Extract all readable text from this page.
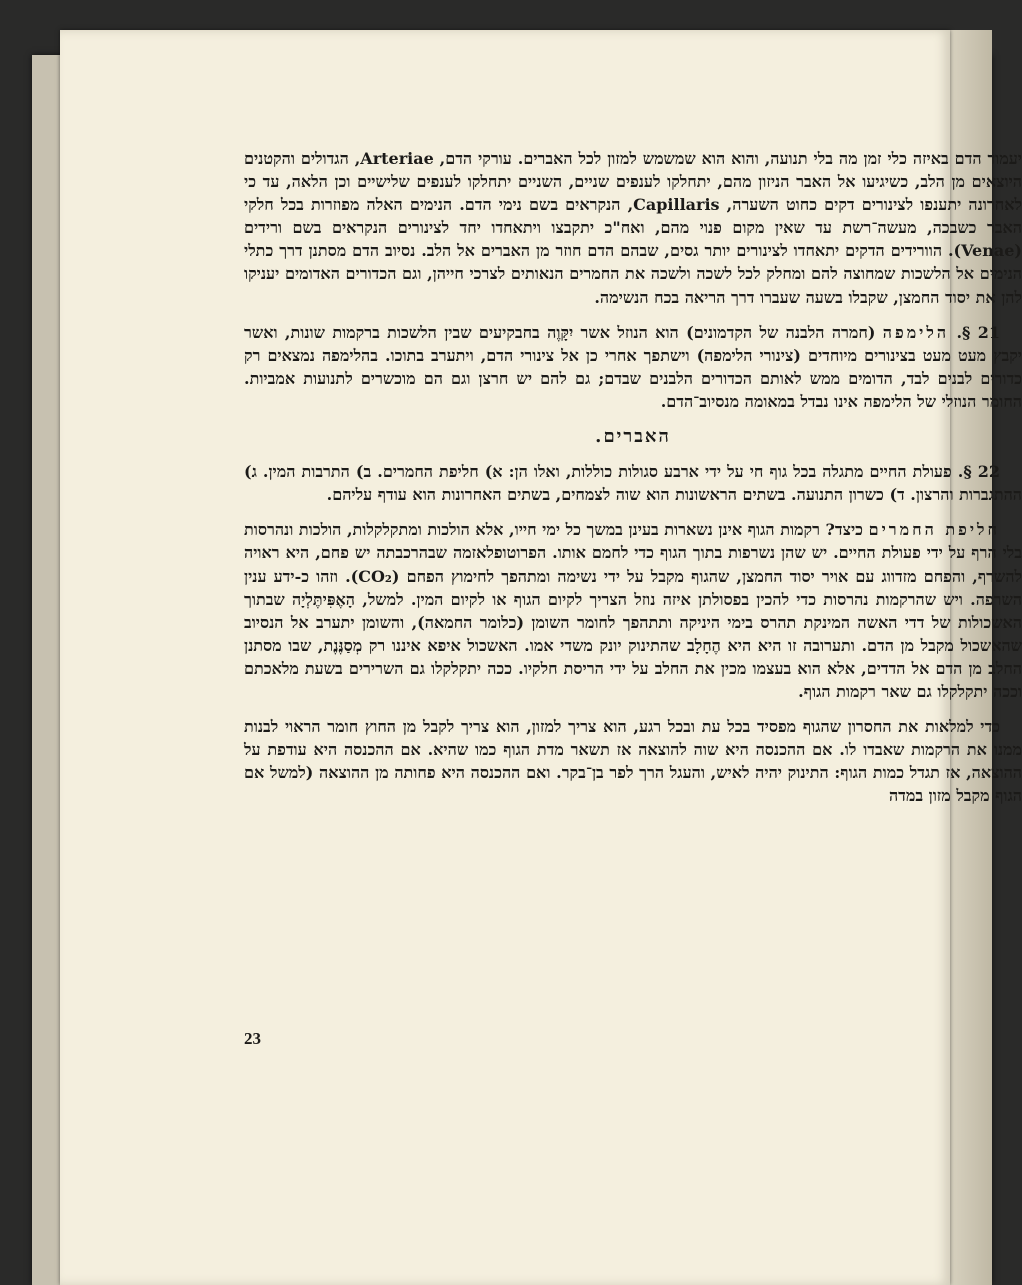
יעמוד הדם באיזה כלי זמן מה בלי תנועה, והוא הוא שמשמש למזון לכל האברים. עורקי הדם, Arteriae, הגדולים והקטנים היוצאים מן הלב, כשיגיעו אל האבר הניזון מהם, יתחלקו לענפים שניים, השניים יתחלקו לענפים שלישיים וכן הלאה, עד כי לאחרונה יתענפו לצינורים דקים כחוט השערה, Capillaris, הנקראים בשם נימי הדם. הנימים האלה מפוזרות בכל חלקי האבר כשבכה, מעשה־רשת עד שאין מקום פנוי מהם, ואח"כ יתקבצו ויתאחדו יחד לצינורים הנקראים בשם ורידים (Venae). הוורידים הדקים יתאחדו לצינורים יותר גסים, שבהם הדם חוזר מן האברים אל הלב. נסיוב הדם מסתנן דרך כתלי הנימים אל הלשכות שמחוצה להם ומחלק לכל לשכה ולשכה את החמרים הנאותים לצרכי חייהן, וגם הכדורים האדומים יעניקו להן את יסוד החמצן, שקבלו בשעה שעברו דרך הריאה בכח הנשימה.

21 §. הלימפה (חמרה הלבנה של הקדמונים) הוא הנוזל אשר יִקָּוֶה בחבקיעים שבין הלשכות ברקמות שונות, ואשר יקבץ מעט מעט בצינורים מיוחדים (צינורי הלימפה) וישתפך אחרי כן אל צינורי הדם, ויתערב בתוכו. בהלימפה נמצאים רק כדורים לבנים לבד, הדומים ממש לאותם הכדורים הלבנים שבדם; גם להם יש חרצן וגם הם מוכשרים לתנועות אמביות. החומר הנוזלי של הלימפה אינו נבדל במאומה מנסיוב־הדם.

האברים.

22 §. פעולת החיים מתגלה בכל גוף חי על ידי ארבע סגולות כוללות, ואלו הן: א) חליפת החמרים. ב) התרבות המין. ג) ההתגברות והרצון. ד) כשרון התנועה. בשתים הראשונות הוא שוה לצמחים, בשתים האחרונות הוא עודף עליהם.

חליפת החמרים כיצד? רקמות הגוף אינן נשארות בעינן במשך כל ימי חייו, אלא הולכות ומתקלקלות, הולכות ונהרסות בלי הרף על ידי פעולת החיים. יש שהן נשרפות בתוך הגוף כדי לחמם אותו. הפרוטופלאזמה שבהרכבתה יש פחם, היא ראויה להשרף, והפחם מזדווג עם אויר יסוד החמצן, שהגוף מקבל על ידי נשימה ומתהפך לחימוץ הפחם (CO₂). וזהו כ-ידע ענין השרפה. ויש שהרקמות נהרסות כדי להכין בפסולתן איזה נוזל הצריך לקיום הגוף או לקיום המין. למשל, הָאֶפִּיתֶּלְיָה שבתוך האשכולות של דדי האשה המינקת תהרס בימי היניקה ותתהפך לחומר השומן (כלומר החמאה), והשומן יתערב אל הנסיוב שהאשכול מקבל מן הדם. ותערובה זו היא היא הֶחָלָב שהתינוק יונק משדי אמו. האשכול איפא איננו רק מְסַנֶּנֶת, שבו מסתנן החלב מן הדם אל הדדים, אלא הוא בעצמו מכין את החלב על ידי הריסת חלקיו. ככה יתקלקלו גם השרירים בשעת מלאכתם וככה יתקלקלו גם שאר רקמות הגוף.

כדי למלאות את החסרון שהגוף מפסיד בכל עת ובכל רגע, הוא צריך למזון, הוא צריך לקבל מן החוץ חומר הראוי לבנות ממנו את הרקמות שאבדו לו. אם ההכנסה היא שוה להוצאה אז תשאר מדת הגוף כמו שהיא. אם ההכנסה היא עודפת על ההוצאה, אז תגדל כמות הגוף: התינוק יהיה לאיש, והעגל הרך לפר בן־בקר. ואם ההכנסה היא פחותה מן ההוצאה (למשל אם הגוף מקבל מזון במדה

23
